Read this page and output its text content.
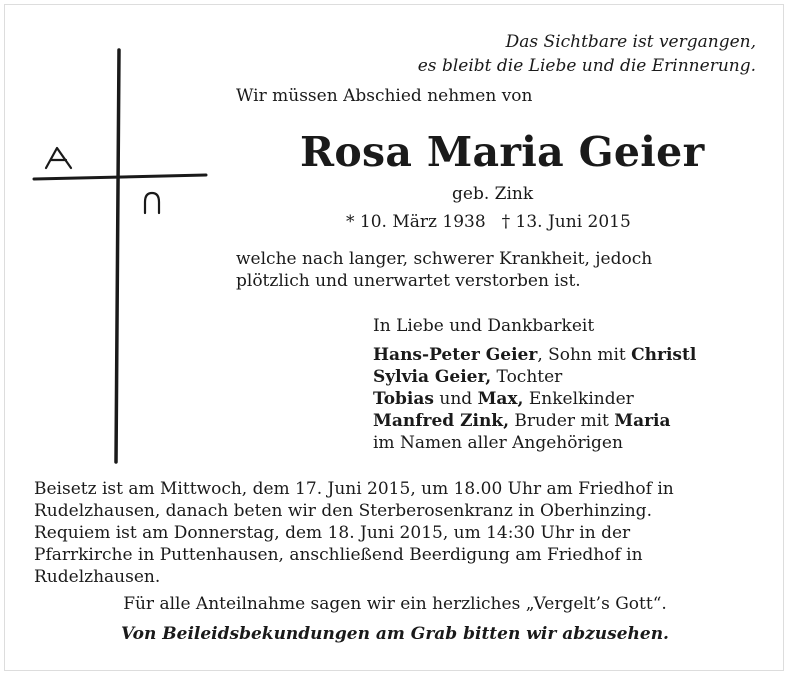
Das Sichtbare ist vergangen,
es bleibt die Liebe und die Erinnerung.
Wir müssen Abschied nehmen von
Rosa Maria Geier
geb. Zink
* 10. März 1938 † 13. Juni 2015
welche nach langer, schwerer Krankheit, jedoch
plötzlich und unerwartet verstorben ist.
In Liebe und Dankbarkeit
Hans-Peter Geier, Sohn mit Christl
Sylvia Geier, Tochter
Tobias und Max, Enkelkinder
Manfred Zink, Bruder mit Maria
im Namen aller Angehörigen
Beisetz ist am Mittwoch, dem 17. Juni 2015, um 18.00 Uhr am Friedhof in
Rudelzhausen, danach beten wir den Sterberosenkranz in Oberhinzing.
Requiem ist am Donnerstag, dem 18. Juni 2015, um 14:30 Uhr in der
Pfarrkirche in Puttenhausen, anschließend Beerdigung am Friedhof in
Rudelzhausen.
Für alle Anteilnahme sagen wir ein herzliches „Vergelt’s Gott“.
Von Beileidsbekundungen am Grab bitten wir abzusehen.
